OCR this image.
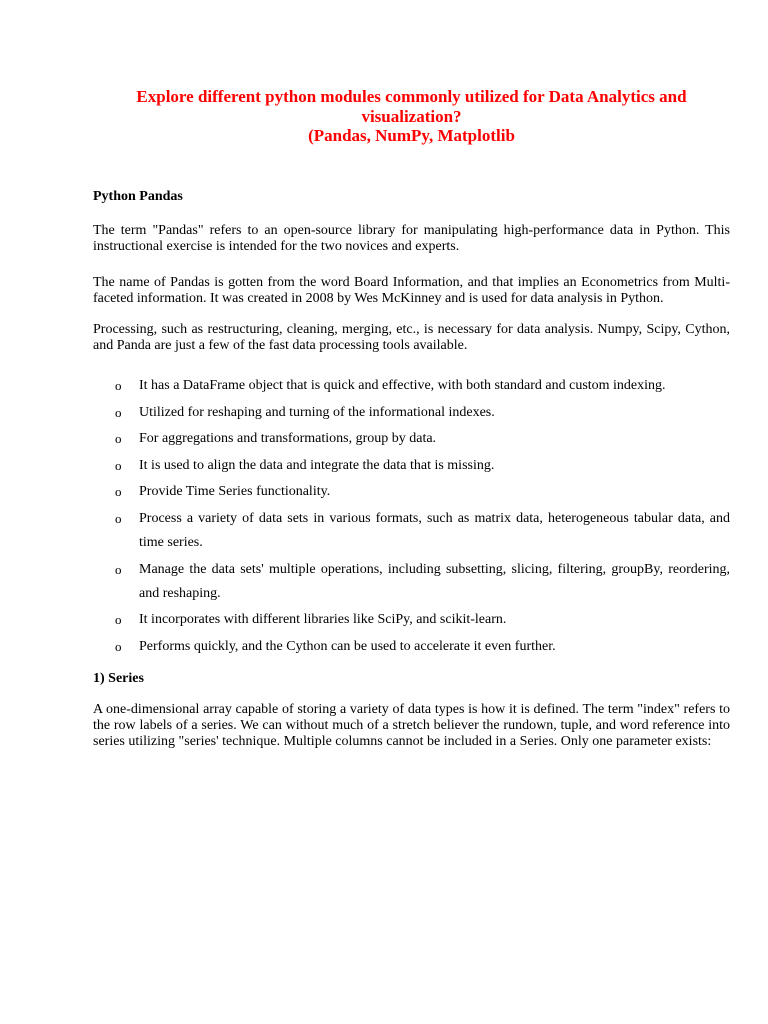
Explore different python modules commonly utilized for Data Analytics and visualization?
(Pandas, NumPy, Matplotlib
Python Pandas

The term "Pandas" refers to an open-source library for manipulating high-performance data in Python. This instructional exercise is intended for the two novices and experts.

The name of Pandas is gotten from the word Board Information, and that implies an Econometrics from Multi-faceted information. It was created in 2008 by Wes McKinney and is used for data analysis in Python.

Processing, such as restructuring, cleaning, merging, etc., is necessary for data analysis. Numpy, Scipy, Cython, and Panda are just a few of the fast data processing tools available.

o It has a DataFrame object that is quick and effective, with both standard and custom indexing.
o Utilized for reshaping and turning of the informational indexes.
o For aggregations and transformations, group by data.
o It is used to align the data and integrate the data that is missing.
o Provide Time Series functionality.
o Process a variety of data sets in various formats, such as matrix data, heterogeneous tabular data, and time series.
o Manage the data sets' multiple operations, including subsetting, slicing, filtering, groupBy, reordering, and reshaping.
o It incorporates with different libraries like SciPy, and scikit-learn.
o Performs quickly, and the Cython can be used to accelerate it even further.
1) Series

A one-dimensional array capable of storing a variety of data types is how it is defined. The term "index" refers to the row labels of a series. We can without much of a stretch believer the rundown, tuple, and word reference into series utilizing "series' technique. Multiple columns cannot be included in a Series. Only one parameter exists:
